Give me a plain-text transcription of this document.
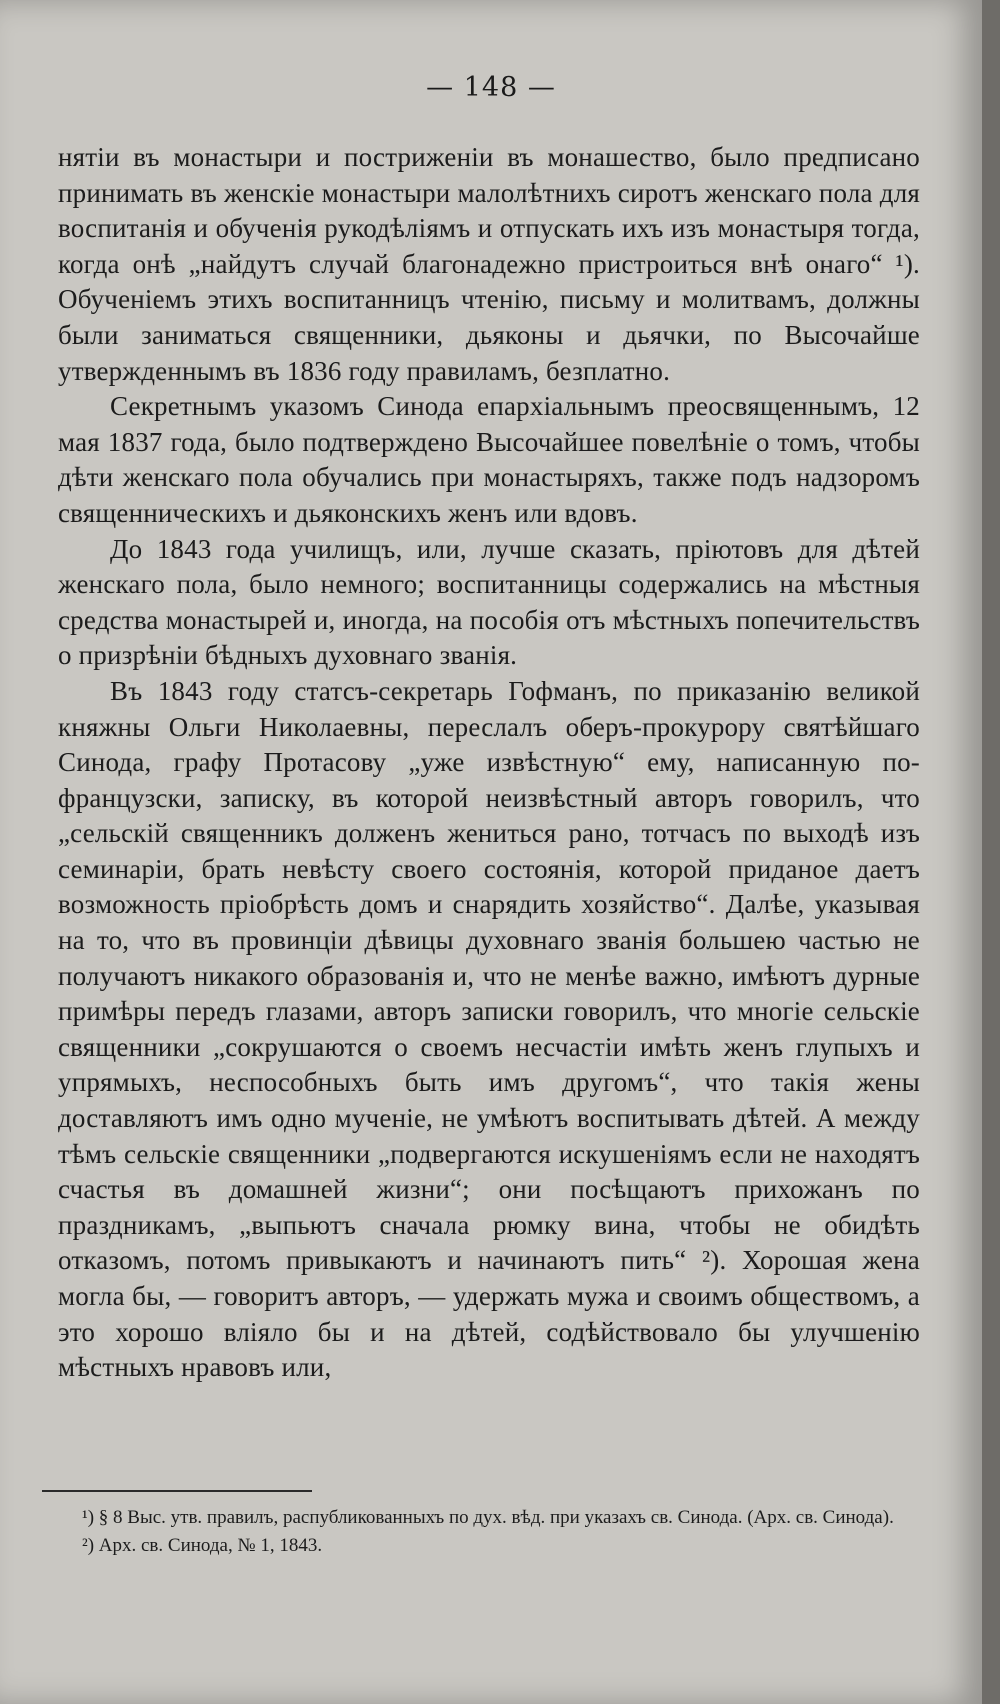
— 148 —

нятіи въ монастыри и постриженіи въ монашество, было предписано принимать въ женскіе монастыри малолѣтнихъ сиротъ женскаго пола для воспитанія и обученія рукодѣліямъ и отпускать ихъ изъ монастыря тогда, когда онѣ „найдутъ случай благонадежно пристроиться внѣ онаго“ ¹). Обученіемъ этихъ воспитанницъ чтенію, письму и молитвамъ, должны были заниматься священники, дьяконы и дьячки, по Высочайше утвержденнымъ въ 1836 году правиламъ, безплатно.

Секретнымъ указомъ Синода епархіальнымъ преосвященнымъ, 12 мая 1837 года, было подтверждено Высочайшее повелѣніе о томъ, чтобы дѣти женскаго пола обучались при монастыряхъ, также подъ надзоромъ священническихъ и дьяконскихъ женъ или вдовъ.

До 1843 года училищъ, или, лучше сказать, пріютовъ для дѣтей женскаго пола, было немного; воспитанницы содержались на мѣстныя средства монастырей и, иногда, на пособія отъ мѣстныхъ попечительствъ о призрѣніи бѣдныхъ духовнаго званія.

Въ 1843 году статсъ-секретарь Гофманъ, по приказанію великой княжны Ольги Николаевны, переслалъ оберъ-прокурору святѣйшаго Синода, графу Протасову „уже извѣстную“ ему, написанную по-французски, записку, въ которой неизвѣстный авторъ говорилъ, что „сельскій священникъ долженъ жениться рано, тотчасъ по выходѣ изъ семинаріи, брать невѣсту своего состоянія, которой приданое даетъ возможность пріобрѣсть домъ и снарядить хозяйство“. Далѣе, указывая на то, что въ провинціи дѣвицы духовнаго званія большею частью не получаютъ никакого образованія и, что не менѣе важно, имѣютъ дурные примѣры передъ глазами, авторъ записки говорилъ, что многіе сельскіе священники „сокрушаются о своемъ несчастіи имѣть женъ глупыхъ и упрямыхъ, неспособныхъ быть имъ другомъ“, что такія жены доставляютъ имъ одно мученіе, не умѣютъ воспитывать дѣтей. А между тѣмъ сельскіе священники „подвергаются искушеніямъ если не находятъ счастья въ домашней жизни“; они посѣщаютъ прихожанъ по праздникамъ, „выпьютъ сначала рюмку вина, чтобы не обидѣть отказомъ, потомъ привыкаютъ и начинаютъ пить“ ²). Хорошая жена могла бы, — говоритъ авторъ, — удержать мужа и своимъ обществомъ, а это хорошо вліяло бы и на дѣтей, содѣйствовало бы улучшенію мѣстныхъ нравовъ или,

¹) § 8 Выс. утв. правилъ, распубликованныхъ по дух. вѣд. при указахъ св. Синода. (Арх. св. Синода).

²) Арх. св. Синода, № 1, 1843.
